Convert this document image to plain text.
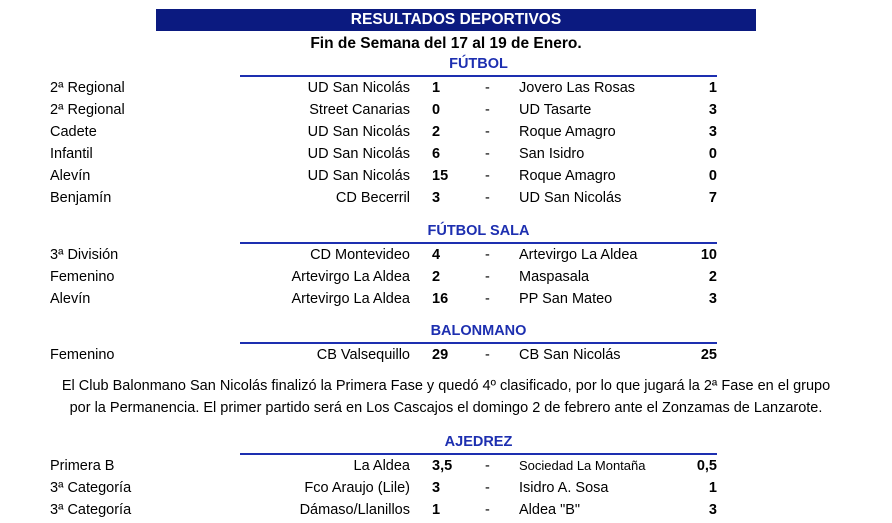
RESULTADOS DEPORTIVOS
Fin de Semana del 17 al 19 de Enero.
FÚTBOL
2ª Regional	UD San Nicolás 1	- Jovero Las Rosas	1
2ª Regional	Street Canarias 0	- UD Tasarte	3
Cadete	UD San Nicolás 2	- Roque Amagro	3
Infantil	UD San Nicolás 6	- San Isidro	0
Alevín	UD San Nicolás 15	- Roque Amagro	0
Benjamín	CD Becerril 3	- UD San Nicolás	7
FÚTBOL SALA
3ª División	CD Montevideo 4	- Artevirgo La Aldea	10
Femenino	Artevirgo La Aldea 2	- Maspasala	2
Alevín	Artevirgo La Aldea 16	- PP San Mateo	3
BALONMANO
Femenino	CB Valsequillo 29	- CB San Nicolás	25
El Club Balonmano San Nicolás finalizó la Primera Fase y quedó 4º clasificado, por lo que jugará la 2ª Fase en el grupo
por la Permanencia. El primer partido será en Los Cascajos el domingo 2 de febrero ante el Zonzamas de Lanzarote.
AJEDREZ
Primera B	La Aldea 3,5 - Sociedad La Montaña	0,5
3ª Categoría	Fco Araujo (Lile) 3	- Isidro A. Sosa	1
3ª Categoría	Dámaso/Llanillos 1	- Aldea "B"	3
